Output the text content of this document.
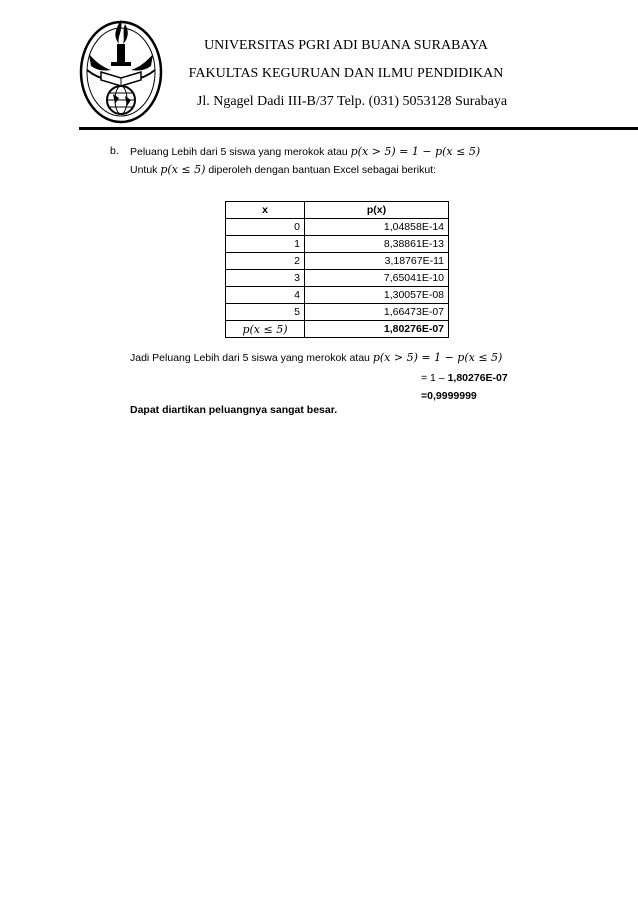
UNIVERSITAS PGRI ADI BUANA SURABAYA
FAKULTAS KEGURUAN DAN ILMU PENDIDIKAN
Jl. Ngagel Dadi III-B/37 Telp. (031) 5053128 Surabaya
b. Peluang Lebih dari 5 siswa yang merokok atau p(x > 5) = 1 − p(x ≤ 5)
Untuk p(x ≤ 5) diperoleh dengan bantuan Excel sebagai berikut:
x	p(x)
0	1,04858E-14
1	8,38861E-13
2	3,18767E-11
3	7,65041E-10
4	1,30057E-08
5	1,66473E-07
p(x ≤ 5)	1,80276E-07
Jadi Peluang Lebih dari 5 siswa yang merokok atau p(x > 5) = 1 − p(x ≤ 5)
= 1 – 1,80276E-07
=0,9999999
Dapat diartikan peluangnya sangat besar.
